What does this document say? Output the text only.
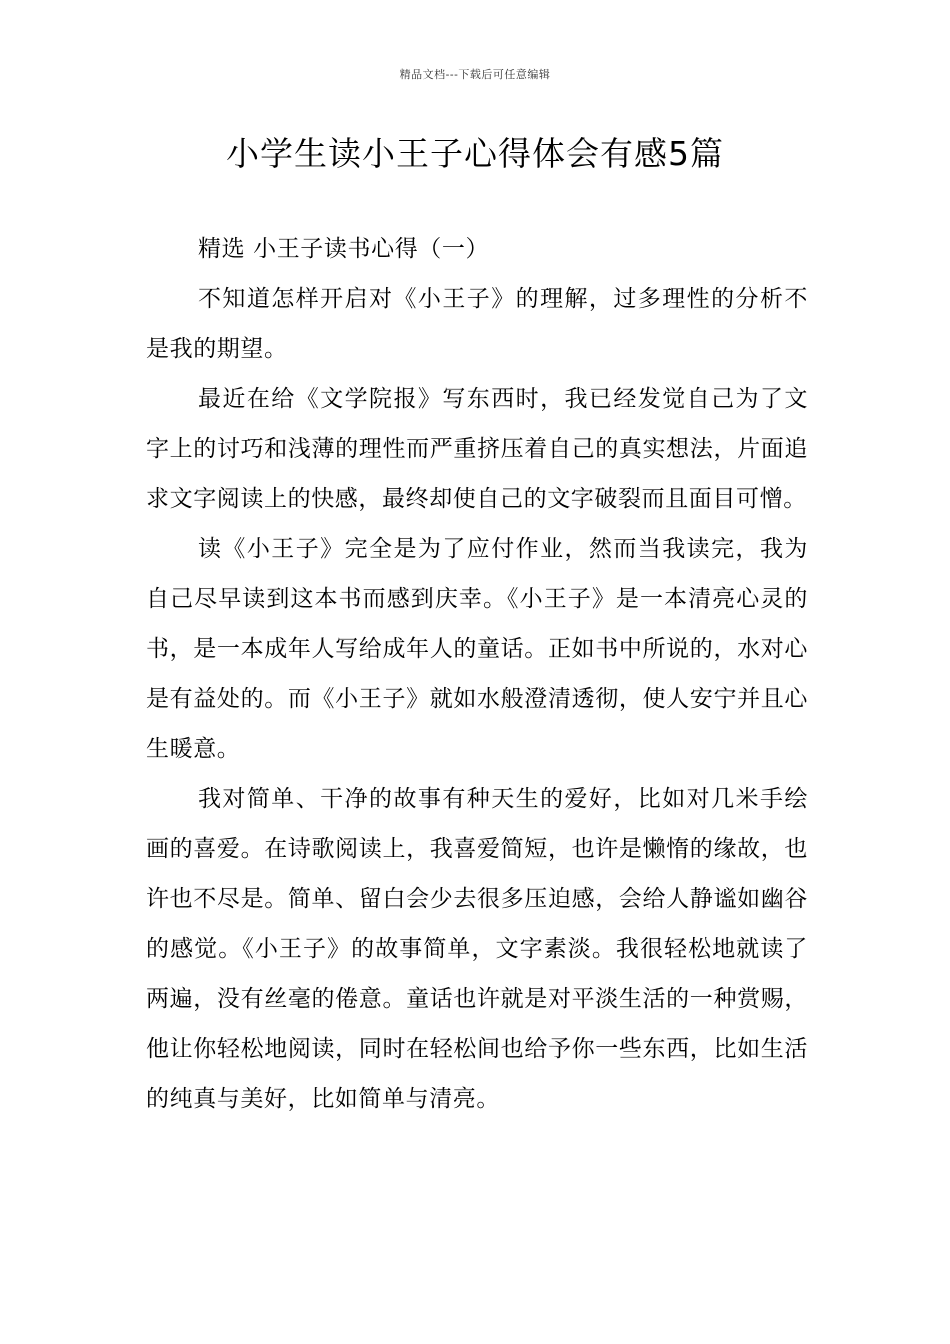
精品文档---下载后可任意编辑
小学生读小王子心得体会有感5篇

精选 小王子读书心得（一）

不知道怎样开启对《小王子》的理解，过多理性的分析不是我的期望。

最近在给《文学院报》写东西时，我已经发觉自己为了文字上的讨巧和浅薄的理性而严重挤压着自己的真实想法，片面追求文字阅读上的快感，最终却使自己的文字破裂而且面目可憎。

读《小王子》完全是为了应付作业，然而当我读完，我为自己尽早读到这本书而感到庆幸。《小王子》是一本清亮心灵的书，是一本成年人写给成年人的童话。正如书中所说的，水对心是有益处的。而《小王子》就如水般澄清透彻，使人安宁并且心生暖意。

我对简单、干净的故事有种天生的爱好，比如对几米手绘画的喜爱。在诗歌阅读上，我喜爱简短，也许是懒惰的缘故，也许也不尽是。简单、留白会少去很多压迫感，会给人静谧如幽谷的感觉。《小王子》的故事简单，文字素淡。我很轻松地就读了两遍，没有丝毫的倦意。童话也许就是对平淡生活的一种赏赐，他让你轻松地阅读，同时在轻松间也给予你一些东西，比如生活的纯真与美好，比如简单与清亮。
